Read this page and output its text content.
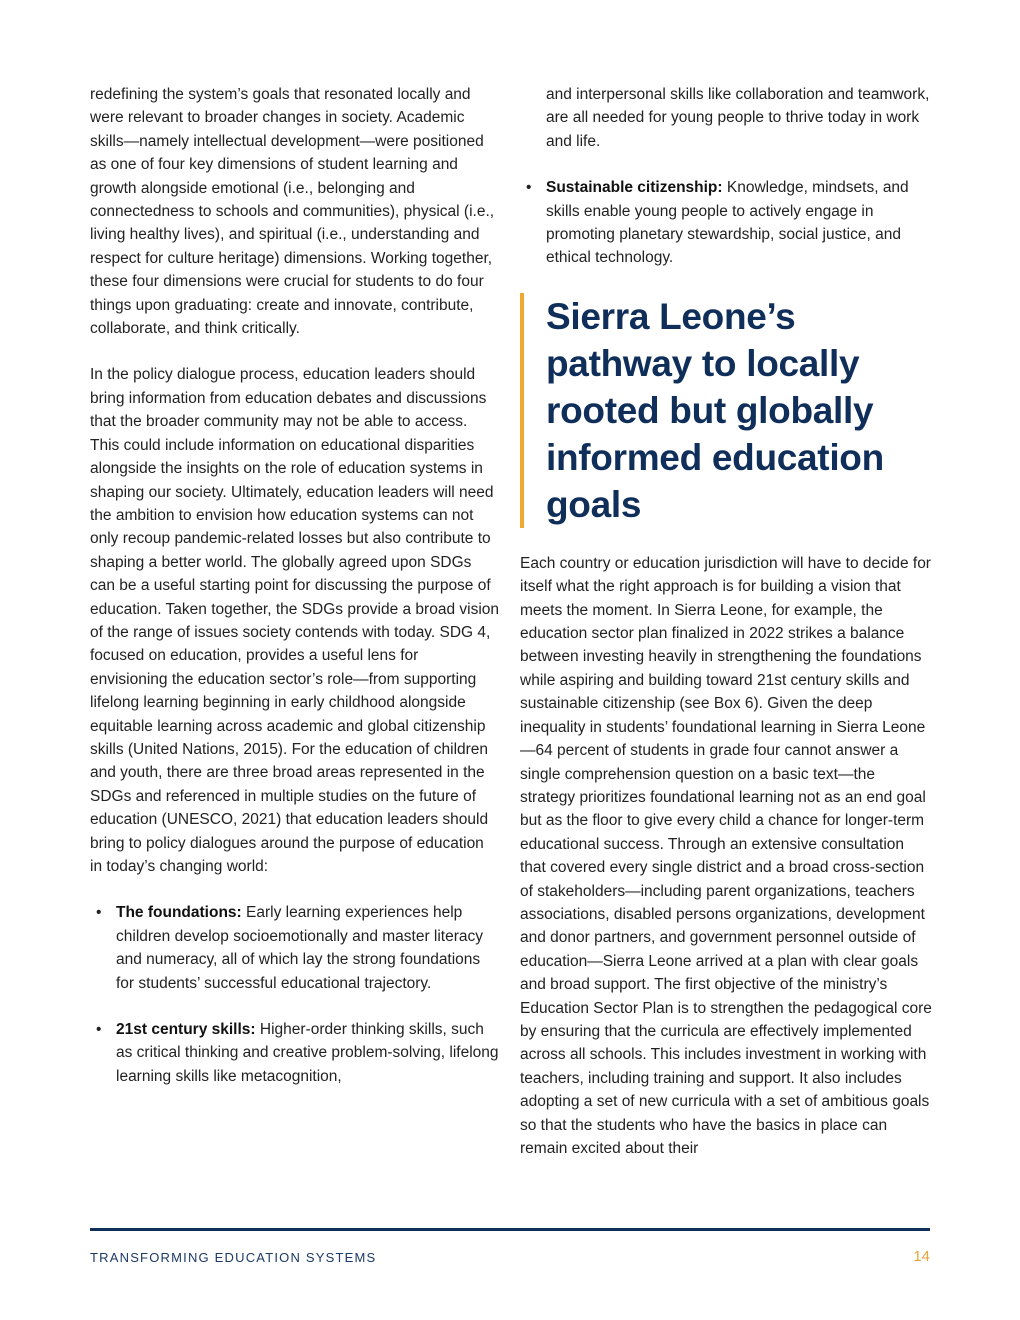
redefining the system’s goals that resonated locally and were relevant to broader changes in society. Academic skills—namely intellectual development—were positioned as one of four key dimensions of student learning and growth alongside emotional (i.e., belonging and connectedness to schools and communities), physical (i.e., living healthy lives), and spiritual (i.e., understanding and respect for culture heritage) dimensions. Working together, these four dimensions were crucial for students to do four things upon graduating: create and innovate, contribute, collaborate, and think critically.

In the policy dialogue process, education leaders should bring information from education debates and discussions that the broader community may not be able to access. This could include information on educational disparities alongside the insights on the role of education systems in shaping our society. Ultimately, education leaders will need the ambition to envision how education systems can not only recoup pandemic-related losses but also contribute to shaping a better world. The globally agreed upon SDGs can be a useful starting point for discussing the purpose of education. Taken together, the SDGs provide a broad vision of the range of issues society contends with today. SDG 4, focused on education, provides a useful lens for envisioning the education sector’s role—from supporting lifelong learning beginning in early childhood alongside equitable learning across academic and global citizenship skills (United Nations, 2015). For the education of children and youth, there are three broad areas represented in the SDGs and referenced in multiple studies on the future of education (UNESCO, 2021) that education leaders should bring to policy dialogues around the purpose of education in today’s changing world:

• The foundations: Early learning experiences help children develop socioemotionally and master literacy and numeracy, all of which lay the strong foundations for students’ successful educational trajectory.
• 21st century skills: Higher-order thinking skills, such as critical thinking and creative problem-solving, lifelong learning skills like metacognition,

and interpersonal skills like collaboration and teamwork, are all needed for young people to thrive today in work and life.

• Sustainable citizenship: Knowledge, mindsets, and skills enable young people to actively engage in promoting planetary stewardship, social justice, and ethical technology.
Sierra Leone’s pathway to locally rooted but globally informed education goals

Each country or education jurisdiction will have to decide for itself what the right approach is for building a vision that meets the moment. In Sierra Leone, for example, the education sector plan finalized in 2022 strikes a balance between investing heavily in strengthening the foundations while aspiring and building toward 21st century skills and sustainable citizenship (see Box 6). Given the deep inequality in students’ foundational learning in Sierra Leone—64 percent of students in grade four cannot answer a single comprehension question on a basic text—the strategy prioritizes foundational learning not as an end goal but as the floor to give every child a chance for longer-term educational success. Through an extensive consultation that covered every single district and a broad cross-section of stakeholders—including parent organizations, teachers associations, disabled persons organizations, development and donor partners, and government personnel outside of education—Sierra Leone arrived at a plan with clear goals and broad support. The first objective of the ministry’s Education Sector Plan is to strengthen the pedagogical core by ensuring that the curricula are effectively implemented across all schools. This includes investment in working with teachers, including training and support. It also includes adopting a set of new curricula with a set of ambitious goals so that the students who have the basics in place can remain excited about their

TRANSFORMING EDUCATION SYSTEMS	14
